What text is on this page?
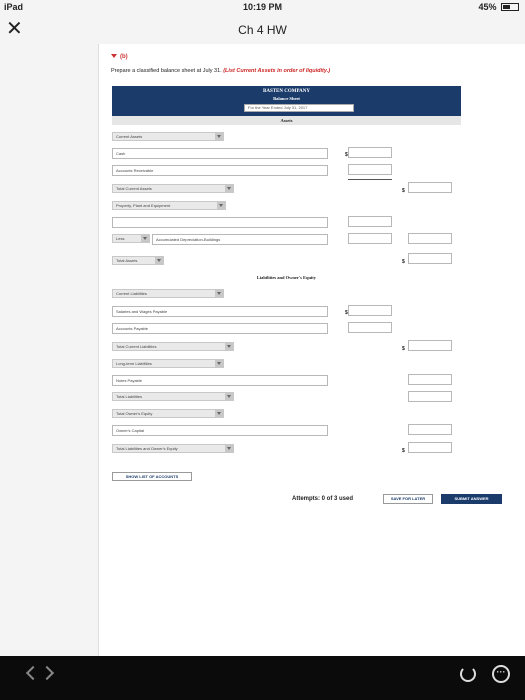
iPad	10:19 PM	45%
✕	Ch 4 HW
(b)
Prepare a classified balance sheet at July 31. (List Current Assets in order of liquidity.)
BASTEN COMPANY
Balance Sheet
For the Year Ended July 31, 2017
Assets
Current Assets
Cash	$
Accounts Receivable
Total Current Assets	$
Property, Plant and Equipment
Less	Accumulated Depreciation-Buildings
Total Assets	$
Liabilities and Owner's Equity
Current Liabilities
Salaries and Wages Payable	$
Accounts Payable
Total Current Liabilities	$
Long-term Liabilities
Notes Payable
Total Liabilities
Total Owner's Equity
Owner's Capital
Total Liabilities and Owner's Equity	$
SHOW LIST OF ACCOUNTS
Attempts: 0 of 3 used	SAVE FOR LATER	SUBMIT ANSWER
···
